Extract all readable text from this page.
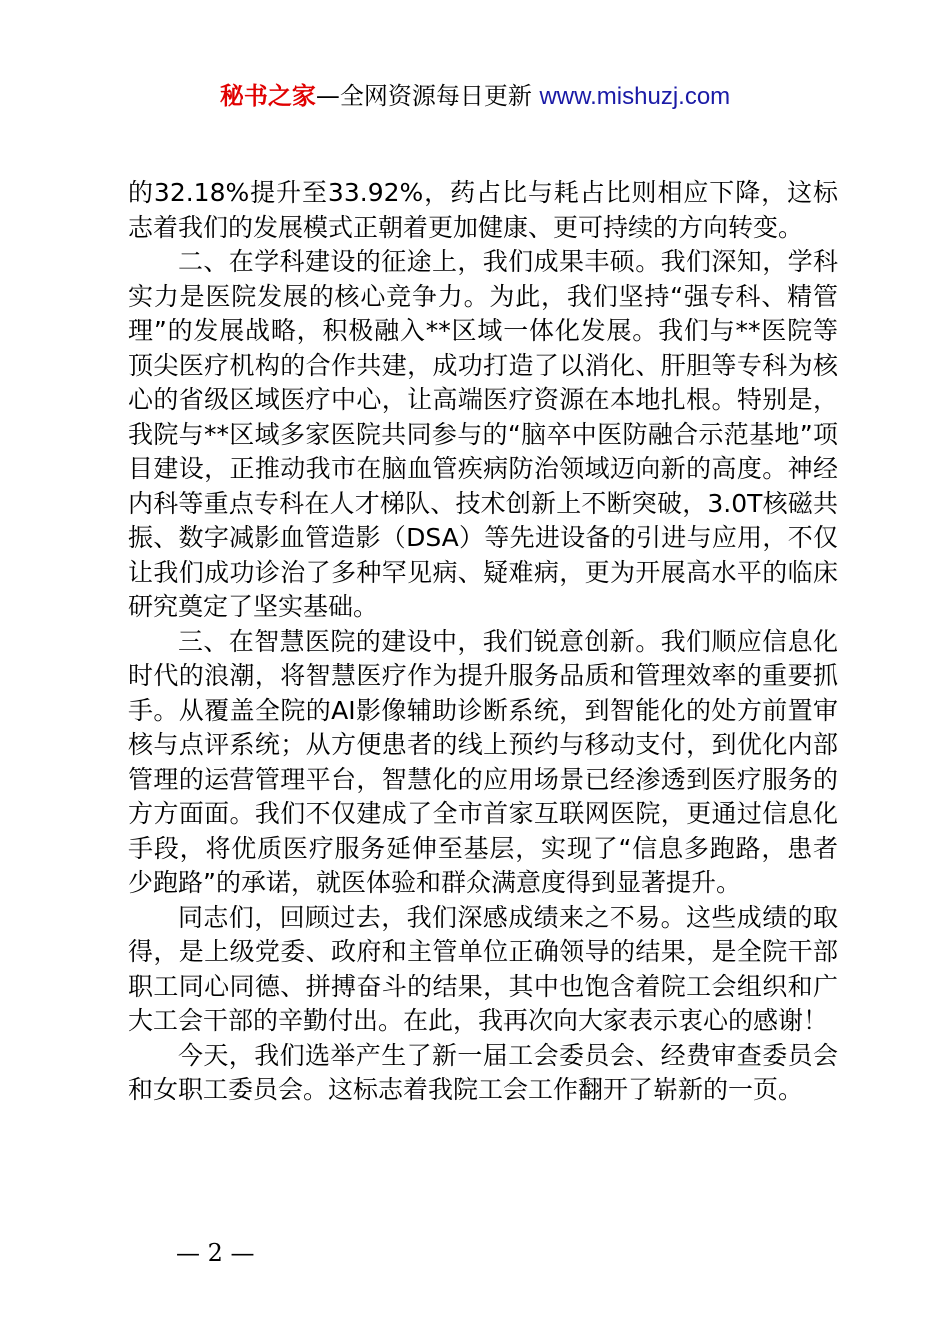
秘书之家—全网资源每日更新 www.mishuzj.com

的32.18%提升至33.92%，药占比与耗占比则相应下降，这标志着我们的发展模式正朝着更加健康、更可持续的方向转变。

二、在学科建设的征途上，我们成果丰硕。我们深知，学科实力是医院发展的核心竞争力。为此，我们坚持“强专科、精管理”的发展战略，积极融入**区域一体化发展。我们与**医院等顶尖医疗机构的合作共建，成功打造了以消化、肝胆等专科为核心的省级区域医疗中心，让高端医疗资源在本地扎根。特别是，我院与**区域多家医院共同参与的“脑卒中医防融合示范基地”项目建设，正推动我市在脑血管疾病防治领域迈向新的高度。神经内科等重点专科在人才梯队、技术创新上不断突破，3.0T核磁共振、数字减影血管造影（DSA）等先进设备的引进与应用，不仅让我们成功诊治了多种罕见病、疑难病，更为开展高水平的临床研究奠定了坚实基础。

三、在智慧医院的建设中，我们锐意创新。我们顺应信息化时代的浪潮，将智慧医疗作为提升服务品质和管理效率的重要抓手。从覆盖全院的AI影像辅助诊断系统，到智能化的处方前置审核与点评系统；从方便患者的线上预约与移动支付，到优化内部管理的运营管理平台，智慧化的应用场景已经渗透到医疗服务的方方面面。我们不仅建成了全市首家互联网医院，更通过信息化手段，将优质医疗服务延伸至基层，实现了“信息多跑路，患者少跑路”的承诺，就医体验和群众满意度得到显著提升。

同志们，回顾过去，我们深感成绩来之不易。这些成绩的取得，是上级党委、政府和主管单位正确领导的结果，是全院干部职工同心同德、拼搏奋斗的结果，其中也饱含着院工会组织和广大工会干部的辛勤付出。在此，我再次向大家表示衷心的感谢！

今天，我们选举产生了新一届工会委员会、经费审查委员会和女职工委员会。这标志着我院工会工作翻开了崭新的一页。

— 2 —
